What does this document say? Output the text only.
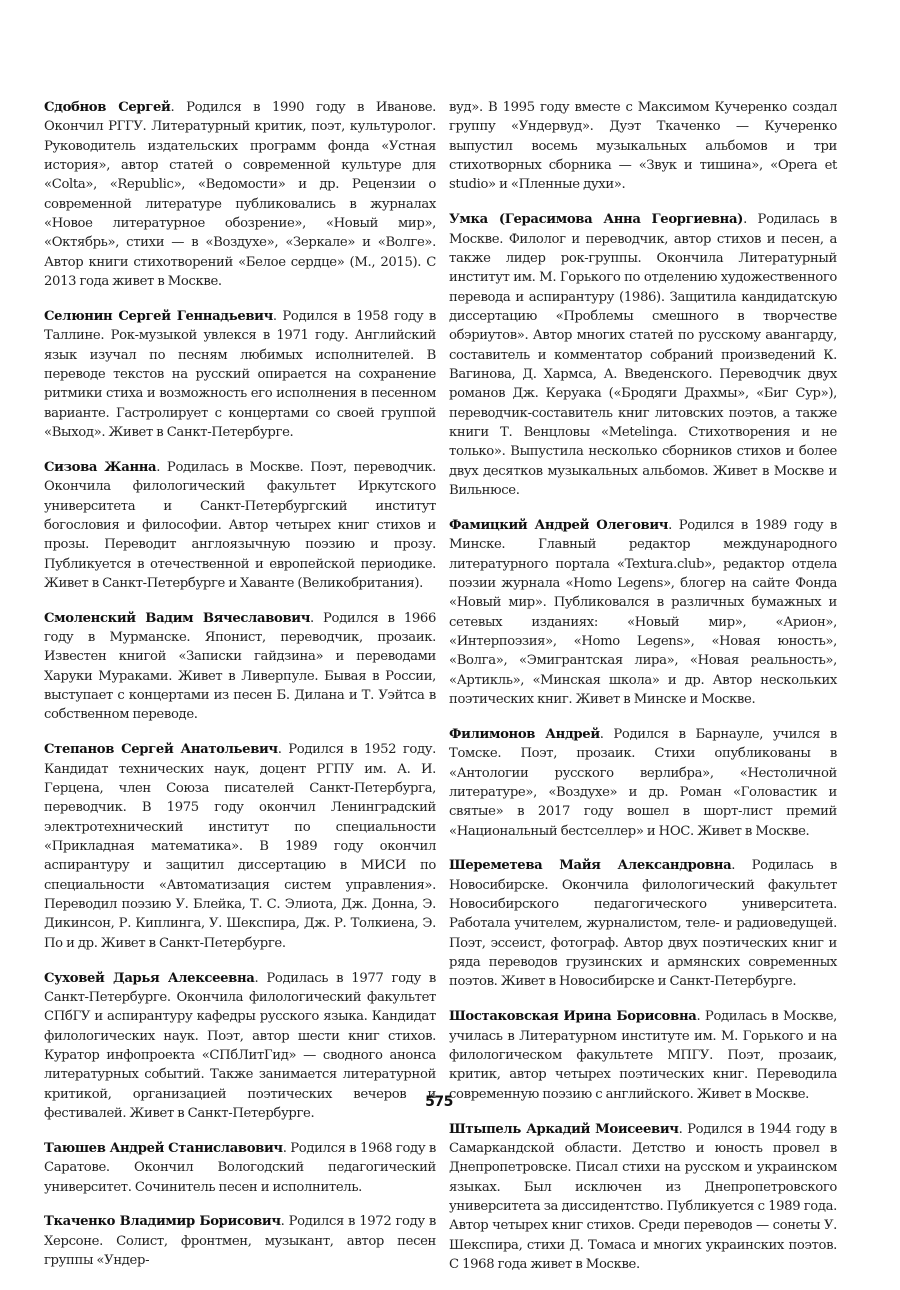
Сдобнов Сергей. Родился в 1990 году в Иванове. Окончил РГГУ. Литературный критик, поэт, культуролог. Руководитель издательских программ фонда «Устная история», автор статей о современной культуре для «Colta», «Republic», «Ведомости» и др. Рецензии о современной литературе публиковались в журналах «Новое литературное обозрение», «Новый мир», «Октябрь», стихи — в «Воздухе», «Зеркале» и «Волге». Автор книги стихотворений «Белое сердце» (М., 2015). С 2013 года живет в Москве.

Селюнин Сергей Геннадьевич. Родился в 1958 году в Таллине. Рок-музыкой увлекся в 1971 году. Английский язык изучал по песням любимых исполнителей. В переводе текстов на русский опирается на сохранение ритмики стиха и возможность его исполнения в песенном варианте. Гастролирует с концертами со своей группой «Выход». Живет в Санкт-Петербурге.

Сизова Жанна. Родилась в Москве. Поэт, переводчик. Окончила филологический факультет Иркутского университета и Санкт-Петербургский институт богословия и философии. Автор четырех книг стихов и прозы. Переводит англоязычную поэзию и прозу. Публикуется в отечественной и европейской периодике. Живет в Санкт-Петербурге и Хаванте (Великобритания).

Смоленский Вадим Вячеславович. Родился в 1966 году в Мурманске. Японист, переводчик, прозаик. Известен книгой «Записки гайдзина» и переводами Харуки Мураками. Живет в Ливерпуле. Бывая в России, выступает с концертами из песен Б. Дилана и Т. Уэйтса в собственном переводе.

Степанов Сергей Анатольевич. Родился в 1952 году. Кандидат технических наук, доцент РГПУ им. А. И. Герцена, член Союза писателей Санкт-Петербурга, переводчик. В 1975 году окончил Ленинградский электротехнический институт по специальности «Прикладная математика». В 1989 году окончил аспирантуру и защитил диссертацию в МИСИ по специальности «Автоматизация систем управления». Переводил поэзию У. Блейка, Т. С. Элиота, Дж. Донна, Э. Дикинсон, Р. Киплинга, У. Шекспира, Дж. Р. Толкиена, Э. По и др. Живет в Санкт-Петербурге.

Суховей Дарья Алексеевна. Родилась в 1977 году в Санкт-Петербурге. Окончила филологический факультет СПбГУ и аспирантуру кафедры русского языка. Кандидат филологических наук. Поэт, автор шести книг стихов. Куратор инфопроекта «СПбЛитГид» — сводного анонса литературных событий. Также занимается литературной критикой, организацией поэтических вечеров и фестивалей. Живет в Санкт-Петербурге.

Таюшев Андрей Станиславович. Родился в 1968 году в Саратове. Окончил Вологодский педагогический университет. Сочинитель песен и исполнитель.

Ткаченко Владимир Борисович. Родился в 1972 году в Херсоне. Солист, фронтмен, музыкант, автор песен группы «Ундер-

вуд». В 1995 году вместе с Максимом Кучеренко создал группу «Ундервуд». Дуэт Ткаченко — Кучеренко выпустил восемь музыкальных альбомов и три стихотворных сборника — «Звук и тишина», «Opera et studio» и «Пленные духи».

Умка (Герасимова Анна Георгиевна). Родилась в Москве. Филолог и переводчик, автор стихов и песен, а также лидер рок-группы. Окончила Литературный институт им. М. Горького по отделению художественного перевода и аспирантуру (1986). Защитила кандидатскую диссертацию «Проблемы смешного в творчестве обэриутов». Автор многих статей по русскому авангарду, составитель и комментатор собраний произведений К. Вагинова, Д. Хармса, А. Введенского. Переводчик двух романов Дж. Керуака («Бродяги Драхмы», «Биг Сур»), переводчик-составитель книг литовских поэтов, а также книги Т. Венцловы «Metelinga. Стихотворения и не только». Выпустила несколько сборников стихов и более двух десятков музыкальных альбомов. Живет в Москве и Вильнюсе.

Фамицкий Андрей Олегович. Родился в 1989 году в Минске. Главный редактор международного литературного портала «Textura.club», редактор отдела поэзии журнала «Homo Legens», блогер на сайте Фонда «Новый мир». Публиковался в различных бумажных и сетевых изданиях: «Новый мир», «Арион», «Интерпоэзия», «Homo Legens», «Новая юность», «Волга», «Эмигрантская лира», «Новая реальность», «Артикль», «Минская школа» и др. Автор нескольких поэтических книг. Живет в Минске и Москве.

Филимонов Андрей. Родился в Барнауле, учился в Томске. Поэт, прозаик. Стихи опубликованы в «Антологии русского верлибра», «Нестоличной литературе», «Воздухе» и др. Роман «Головастик и святые» в 2017 году вошел в шорт-лист премий «Национальный бестселлер» и НОС. Живет в Москве.

Шереметева Майя Александровна. Родилась в Новосибирске. Окончила филологический факультет Новосибирского педагогического университета. Работала учителем, журналистом, теле- и радиоведущей. Поэт, эссеист, фотограф. Автор двух поэтических книг и ряда переводов грузинских и армянских современных поэтов. Живет в Новосибирске и Санкт-Петербурге.

Шостаковская Ирина Борисовна. Родилась в Москве, училась в Литературном институте им. М. Горького и на филологическом факультете МПГУ. Поэт, прозаик, критик, автор четырех поэтических книг. Переводила современную поэзию с английского. Живет в Москве.

Штыпель Аркадий Моисеевич. Родился в 1944 году в Самаркандской области. Детство и юность провел в Днепропетровске. Писал стихи на русском и украинском языках. Был исключен из Днепропетровского университета за диссидентство. Публикуется с 1989 года. Автор четырех книг стихов. Среди переводов — сонеты У. Шекспира, стихи Д. Томаса и многих украинских поэтов. С 1968 года живет в Москве.

575
